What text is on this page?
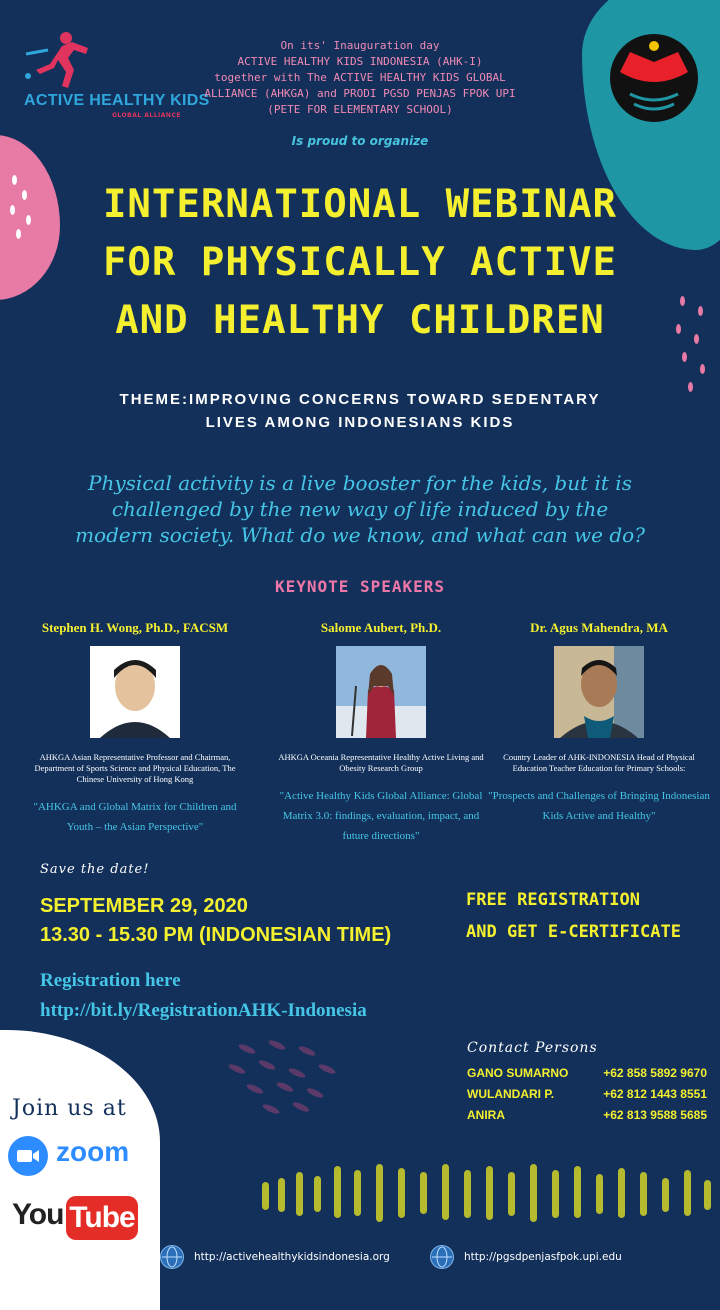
ACTIVE HEALTHY KIDS
GLOBAL ALLIANCE
On its' Inauguration day
ACTIVE HEALTHY KIDS INDONESIA (AHK-I)
together with The ACTIVE HEALTHY KIDS GLOBAL
ALLIANCE (AHKGA) and PRODI PGSD PENJAS FPOK UPI
(PETE FOR ELEMENTARY SCHOOL)
Is proud to organize
INTERNATIONAL WEBINAR
FOR PHYSICALLY ACTIVE
AND HEALTHY CHILDREN
THEME:IMPROVING CONCERNS TOWARD SEDENTARY
LIVES AMONG INDONESIANS KIDS
Physical activity is a live booster for the kids, but it is
challenged by the new way of life induced by the
modern society. What do we know, and what can we do?
KEYNOTE SPEAKERS
Stephen H. Wong, Ph.D., FACSM
AHKGA Asian Representative Professor and Chairman, Department of Sports Science and Physical Education, The Chinese University of Hong Kong
"AHKGA and Global Matrix for Children and Youth – the Asian Perspective"
Salome Aubert, Ph.D.
AHKGA Oceania Representative Healthy Active Living and Obesity Research Group
"Active Healthy Kids Global Alliance: Global Matrix 3.0: findings, evaluation, impact, and future directions"
Dr. Agus Mahendra, MA
Country Leader of AHK-INDONESIA Head of Physical Education Teacher Education for Primary Schools:
"Prospects and Challenges of Bringing Indonesian Kids Active and Healthy"
Save the date!
SEPTEMBER 29, 2020
13.30 - 15.30 PM (INDONESIAN TIME)
FREE REGISTRATION
AND GET E-CERTIFICATE
Registration here
http://bit.ly/RegistrationAHK-Indonesia
Contact Persons
GANO SUMARNO	+62 858 5892 9670
WULANDARI P.	+62 812 1443 8551
ANIRA	+62 813 9588 5685
Join us at
zoom
You Tube
http://activehealthykidsindonesia.org	http://pgsdpenjasfpok.upi.edu
